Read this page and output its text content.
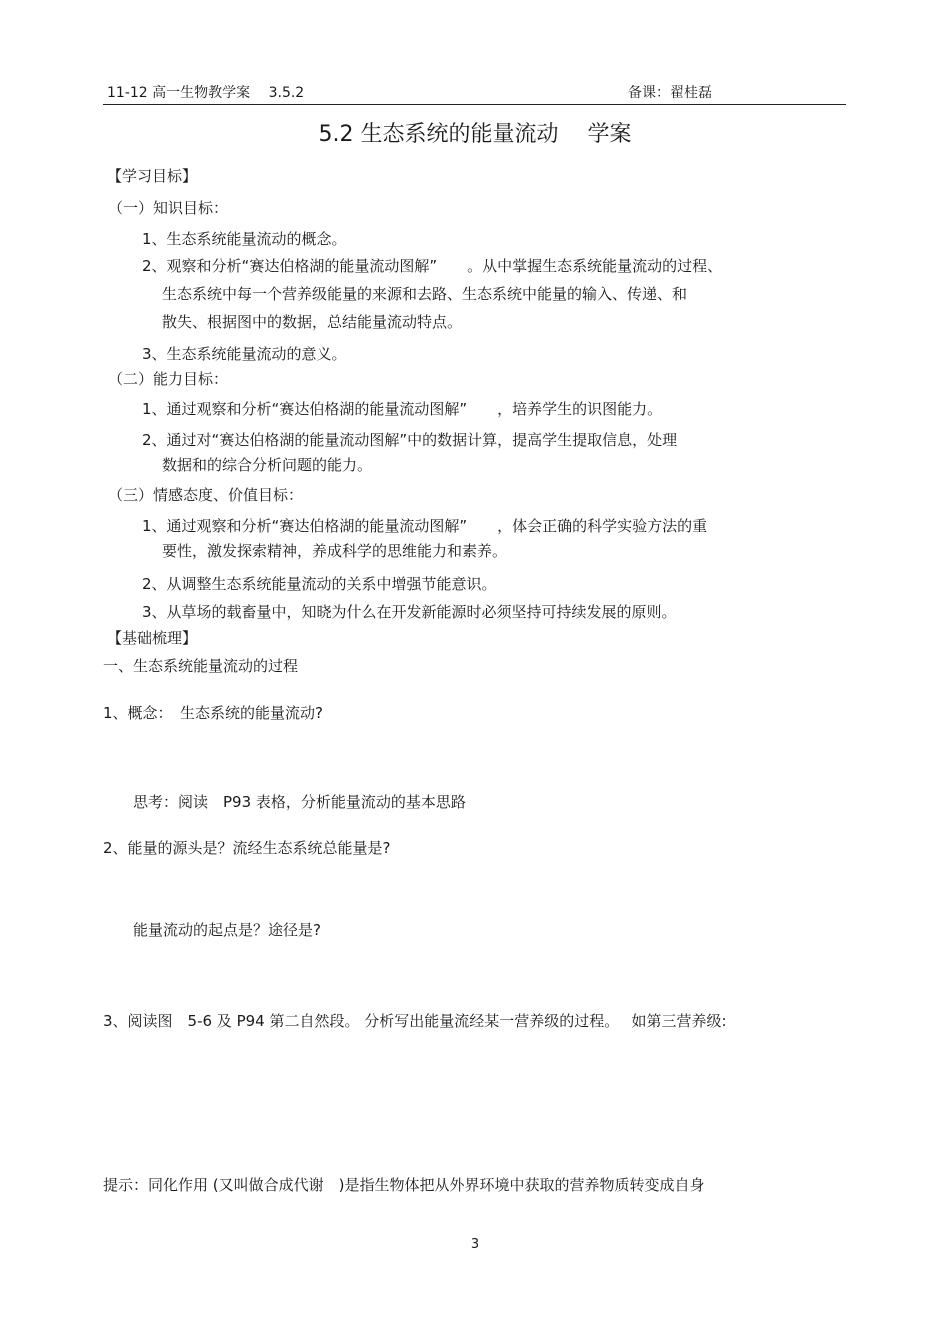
11-12 高一生物教学案　 3.5.2	备课：翟桂磊
5.2 生态系统的能量流动　 学案
【学习目标】
（一）知识目标：
1、生态系统能量流动的概念。
2、观察和分析“赛达伯格湖的能量流动图解”　　。从中掌握生态系统能量流动的过程、
生态系统中每一个营养级能量的来源和去路、生态系统中能量的输入、传递、和
散失、根据图中的数据，总结能量流动特点。
3、生态系统能量流动的意义。
（二）能力目标：
1、通过观察和分析“赛达伯格湖的能量流动图解”　　，培养学生的识图能力。
2、通过对“赛达伯格湖的能量流动图解”中的数据计算，提高学生提取信息，处理
数据和的综合分析问题的能力。
（三）情感态度、价值目标：
1、通过观察和分析“赛达伯格湖的能量流动图解”　　，体会正确的科学实验方法的重
要性，激发探索精神，养成科学的思维能力和素养。
2、从调整生态系统能量流动的关系中增强节能意识。
3、从草场的载畜量中，知晓为什么在开发新能源时必须坚持可持续发展的原则。
【基础梳理】
一、生态系统能量流动的过程
1、概念：　生态系统的能量流动?
思考：阅读　P93 表格，分析能量流动的基本思路
2、能量的源头是？流经生态系统总能量是?
能量流动的起点是？途径是?
3、阅读图　5-6 及 P94 第二自然段。 分析写出能量流经某一营养级的过程。　 如第三营养级:
提示：同化作用 (又叫做合成代谢　)是指生物体把从外界环境中获取的营养物质转变成自身
3
